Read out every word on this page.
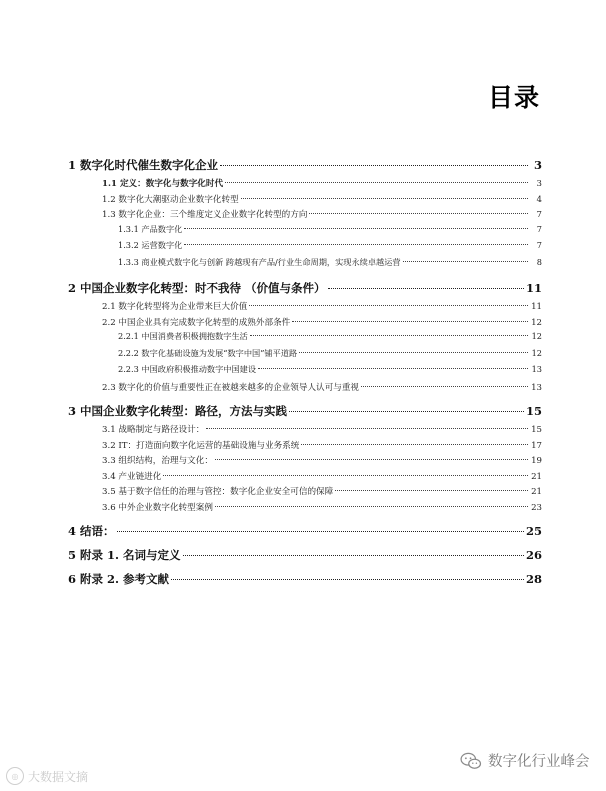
目录
1 数字化时代催生数字化企业	3
1.1 定义：数字化与数字化时代	3
1.2 数字化大潮驱动企业数字化转型	4
1.3 数字化企业：三个维度定义企业数字化转型的方向	7
1.3.1 产品数字化	7
1.3.2 运营数字化	7
1.3.3 商业模式数字化与创新 跨越现有产品/行业生命周期，实现永续卓越运营	8
2 中国企业数字化转型：时不我待 （价值与条件）	11
2.1 数字化转型将为企业带来巨大价值	11
2.2 中国企业具有完成数字化转型的成熟外部条件	12
2.2.1 中国消费者积极拥抱数字生活	12
2.2.2 数字化基础设施为发展“数字中国”铺平道路	12
2.2.3 中国政府积极推动数字中国建设	13
2.3 数字化的价值与重要性正在被越来越多的企业领导人认可与重视	13
3 中国企业数字化转型：路径，方法与实践	15
3.1 战略制定与路径设计：	15
3.2 IT：打造面向数字化运营的基础设施与业务系统	17
3.3 组织结构，治理与文化：	19
3.4 产业链进化	21
3.5 基于数字信任的治理与管控：数字化企业安全可信的保障	21
3.6 中外企业数字化转型案例	23
4 结语：	25
5 附录 1. 名词与定义	26
6 附录 2. 参考文献	28
◎ 大数据文摘
数字化行业峰会
